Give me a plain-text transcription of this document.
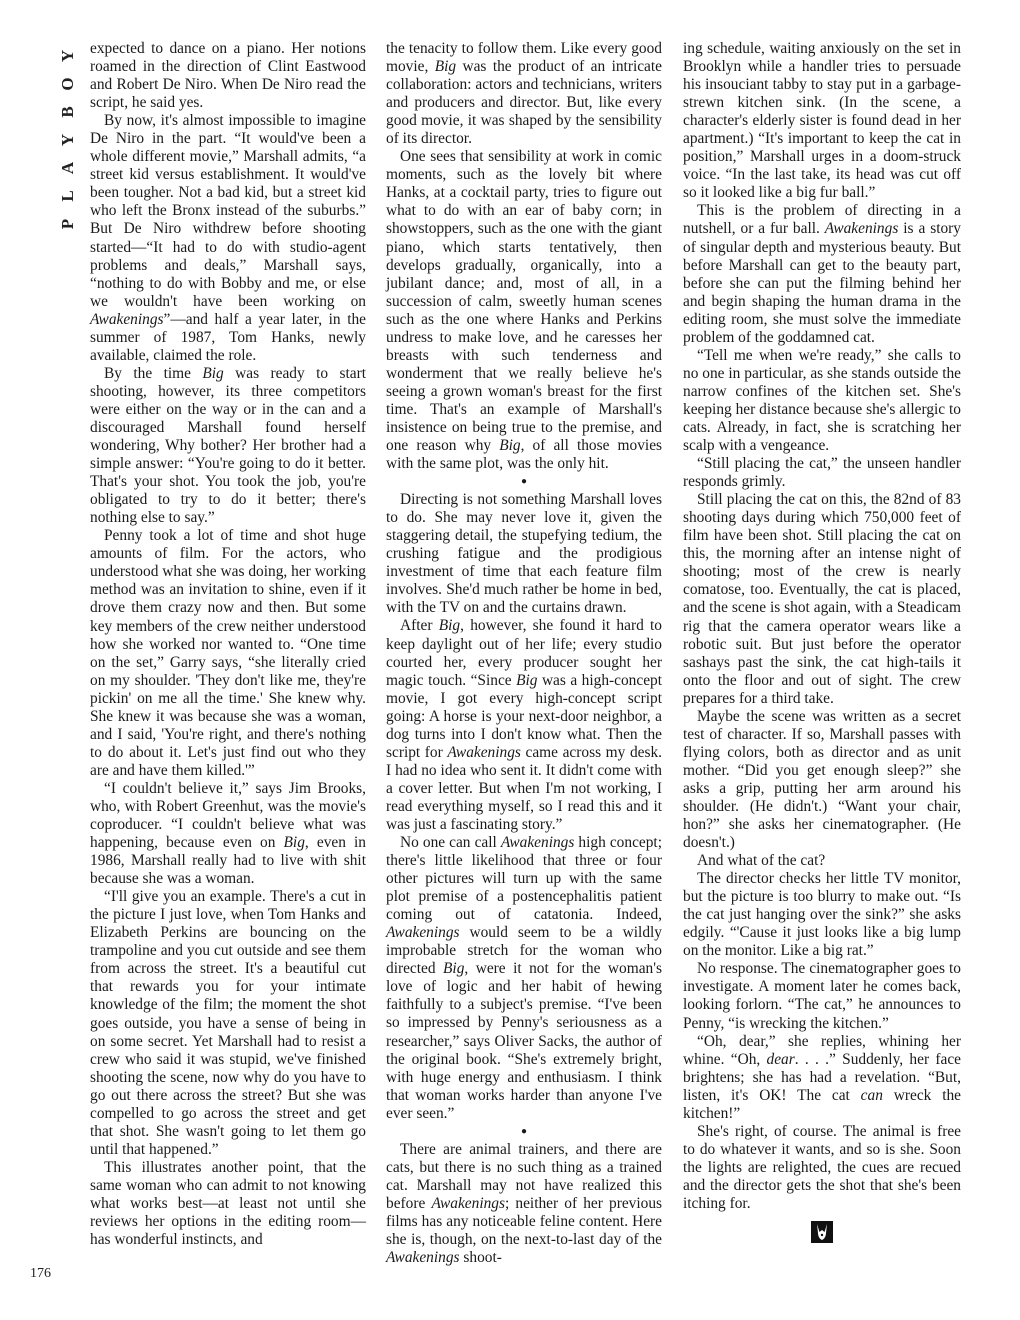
Y
O
B
Y
A
L
P

expected to dance on a piano. Her notions roamed in the direction of Clint Eastwood and Robert De Niro. When De Niro read the script, he said yes.

By now, it's almost impossible to imagine De Niro in the part. “It would've been a whole different movie,” Marshall admits, “a street kid versus establishment. It would've been tougher. Not a bad kid, but a street kid who left the Bronx instead of the suburbs.” But De Niro withdrew before shooting started—“It had to do with studio-agent problems and deals,” Marshall says, “nothing to do with Bobby and me, or else we wouldn't have been working on Awakenings”—and half a year later, in the summer of 1987, Tom Hanks, newly available, claimed the role.

By the time Big was ready to start shooting, however, its three competitors were either on the way or in the can and a discouraged Marshall found herself wondering, Why bother? Her brother had a simple answer: “You're going to do it better. That's your shot. You took the job, you're obligated to try to do it better; there's nothing else to say.”

Penny took a lot of time and shot huge amounts of film. For the actors, who understood what she was doing, her working method was an invitation to shine, even if it drove them crazy now and then. But some key members of the crew neither understood how she worked nor wanted to. “One time on the set,” Garry says, “she literally cried on my shoulder. 'They don't like me, they're pickin' on me all the time.' She knew why. She knew it was because she was a woman, and I said, 'You're right, and there's nothing to do about it. Let's just find out who they are and have them killed.'”

“I couldn't believe it,” says Jim Brooks, who, with Robert Greenhut, was the movie's coproducer. “I couldn't believe what was happening, because even on Big, even in 1986, Marshall really had to live with shit because she was a woman.

“I'll give you an example. There's a cut in the picture I just love, when Tom Hanks and Elizabeth Perkins are bouncing on the trampoline and you cut outside and see them from across the street. It's a beautiful cut that rewards you for your intimate knowledge of the film; the moment the shot goes outside, you have a sense of being in on some secret. Yet Marshall had to resist a crew who said it was stupid, we've finished shooting the scene, now why do you have to go out there across the street? But she was compelled to go across the street and get that shot. She wasn't going to let them go until that happened.”

This illustrates another point, that the same woman who can admit to not knowing what works best—at least not until she reviews her options in the editing room—has wonderful instincts, and

the tenacity to follow them. Like every good movie, Big was the product of an intricate collaboration: actors and technicians, writers and producers and director. But, like every good movie, it was shaped by the sensibility of its director.

One sees that sensibility at work in comic moments, such as the lovely bit where Hanks, at a cocktail party, tries to figure out what to do with an ear of baby corn; in showstoppers, such as the one with the giant piano, which starts tentatively, then develops gradually, organically, into a jubilant dance; and, most of all, in a succession of calm, sweetly human scenes such as the one where Hanks and Perkins undress to make love, and he caresses her breasts with such tenderness and wonderment that we really believe he's seeing a grown woman's breast for the first time. That's an example of Marshall's insistence on being true to the premise, and one reason why Big, of all those movies with the same plot, was the only hit.

●

Directing is not something Marshall loves to do. She may never love it, given the staggering detail, the stupefying tedium, the crushing fatigue and the prodigious investment of time that each feature film involves. She'd much rather be home in bed, with the TV on and the curtains drawn.

After Big, however, she found it hard to keep daylight out of her life; every studio courted her, every producer sought her magic touch. “Since Big was a high-concept movie, I got every high-concept script going: A horse is your next-door neighbor, a dog turns into I don't know what. Then the script for Awakenings came across my desk. I had no idea who sent it. It didn't come with a cover letter. But when I'm not working, I read everything myself, so I read this and it was just a fascinating story.”

No one can call Awakenings high concept; there's little likelihood that three or four other pictures will turn up with the same plot premise of a postencephalitis patient coming out of catatonia. Indeed, Awakenings would seem to be a wildly improbable stretch for the woman who directed Big, were it not for the woman's love of logic and her habit of hewing faithfully to a subject's premise. “I've been so impressed by Penny's seriousness as a researcher,” says Oliver Sacks, the author of the original book. “She's extremely bright, with huge energy and enthusiasm. I think that woman works harder than anyone I've ever seen.”

●

There are animal trainers, and there are cats, but there is no such thing as a trained cat. Marshall may not have realized this before Awakenings; neither of her previous films has any noticeable feline content. Here she is, though, on the next-to-last day of the Awakenings shoot-

ing schedule, waiting anxiously on the set in Brooklyn while a handler tries to persuade his insouciant tabby to stay put in a garbage-strewn kitchen sink. (In the scene, a character's elderly sister is found dead in her apartment.) “It's important to keep the cat in position,” Marshall urges in a doom-struck voice. “In the last take, its head was cut off so it looked like a big fur ball.”

This is the problem of directing in a nutshell, or a fur ball. Awakenings is a story of singular depth and mysterious beauty. But before Marshall can get to the beauty part, before she can put the filming behind her and begin shaping the human drama in the editing room, she must solve the immediate problem of the goddamned cat.

“Tell me when we're ready,” she calls to no one in particular, as she stands outside the narrow confines of the kitchen set. She's keeping her distance because she's allergic to cats. Already, in fact, she is scratching her scalp with a vengeance.

“Still placing the cat,” the unseen handler responds grimly.

Still placing the cat on this, the 82nd of 83 shooting days during which 750,000 feet of film have been shot. Still placing the cat on this, the morning after an intense night of shooting; most of the crew is nearly comatose, too. Eventually, the cat is placed, and the scene is shot again, with a Steadicam rig that the camera operator wears like a robotic suit. But just before the operator sashays past the sink, the cat high-tails it onto the floor and out of sight. The crew prepares for a third take.

Maybe the scene was written as a secret test of character. If so, Marshall passes with flying colors, both as director and as unit mother. “Did you get enough sleep?” she asks a grip, putting her arm around his shoulder. (He didn't.) “Want your chair, hon?” she asks her cinematographer. (He doesn't.)

And what of the cat?

The director checks her little TV monitor, but the picture is too blurry to make out. “Is the cat just hanging over the sink?” she asks edgily. “'Cause it just looks like a big lump on the monitor. Like a big rat.”

No response. The cinematographer goes to investigate. A moment later he comes back, looking forlorn. “The cat,” he announces to Penny, “is wrecking the kitchen.”

“Oh, dear,” she replies, whining her whine. “Oh, dear. . . .” Suddenly, her face brightens; she has had a revelation. “But, listen, it's OK! The cat can wreck the kitchen!”

She's right, of course. The animal is free to do whatever it wants, and so is she. Soon the lights are relighted, the cues are recued and the director gets the shot that she's been itching for.

176
